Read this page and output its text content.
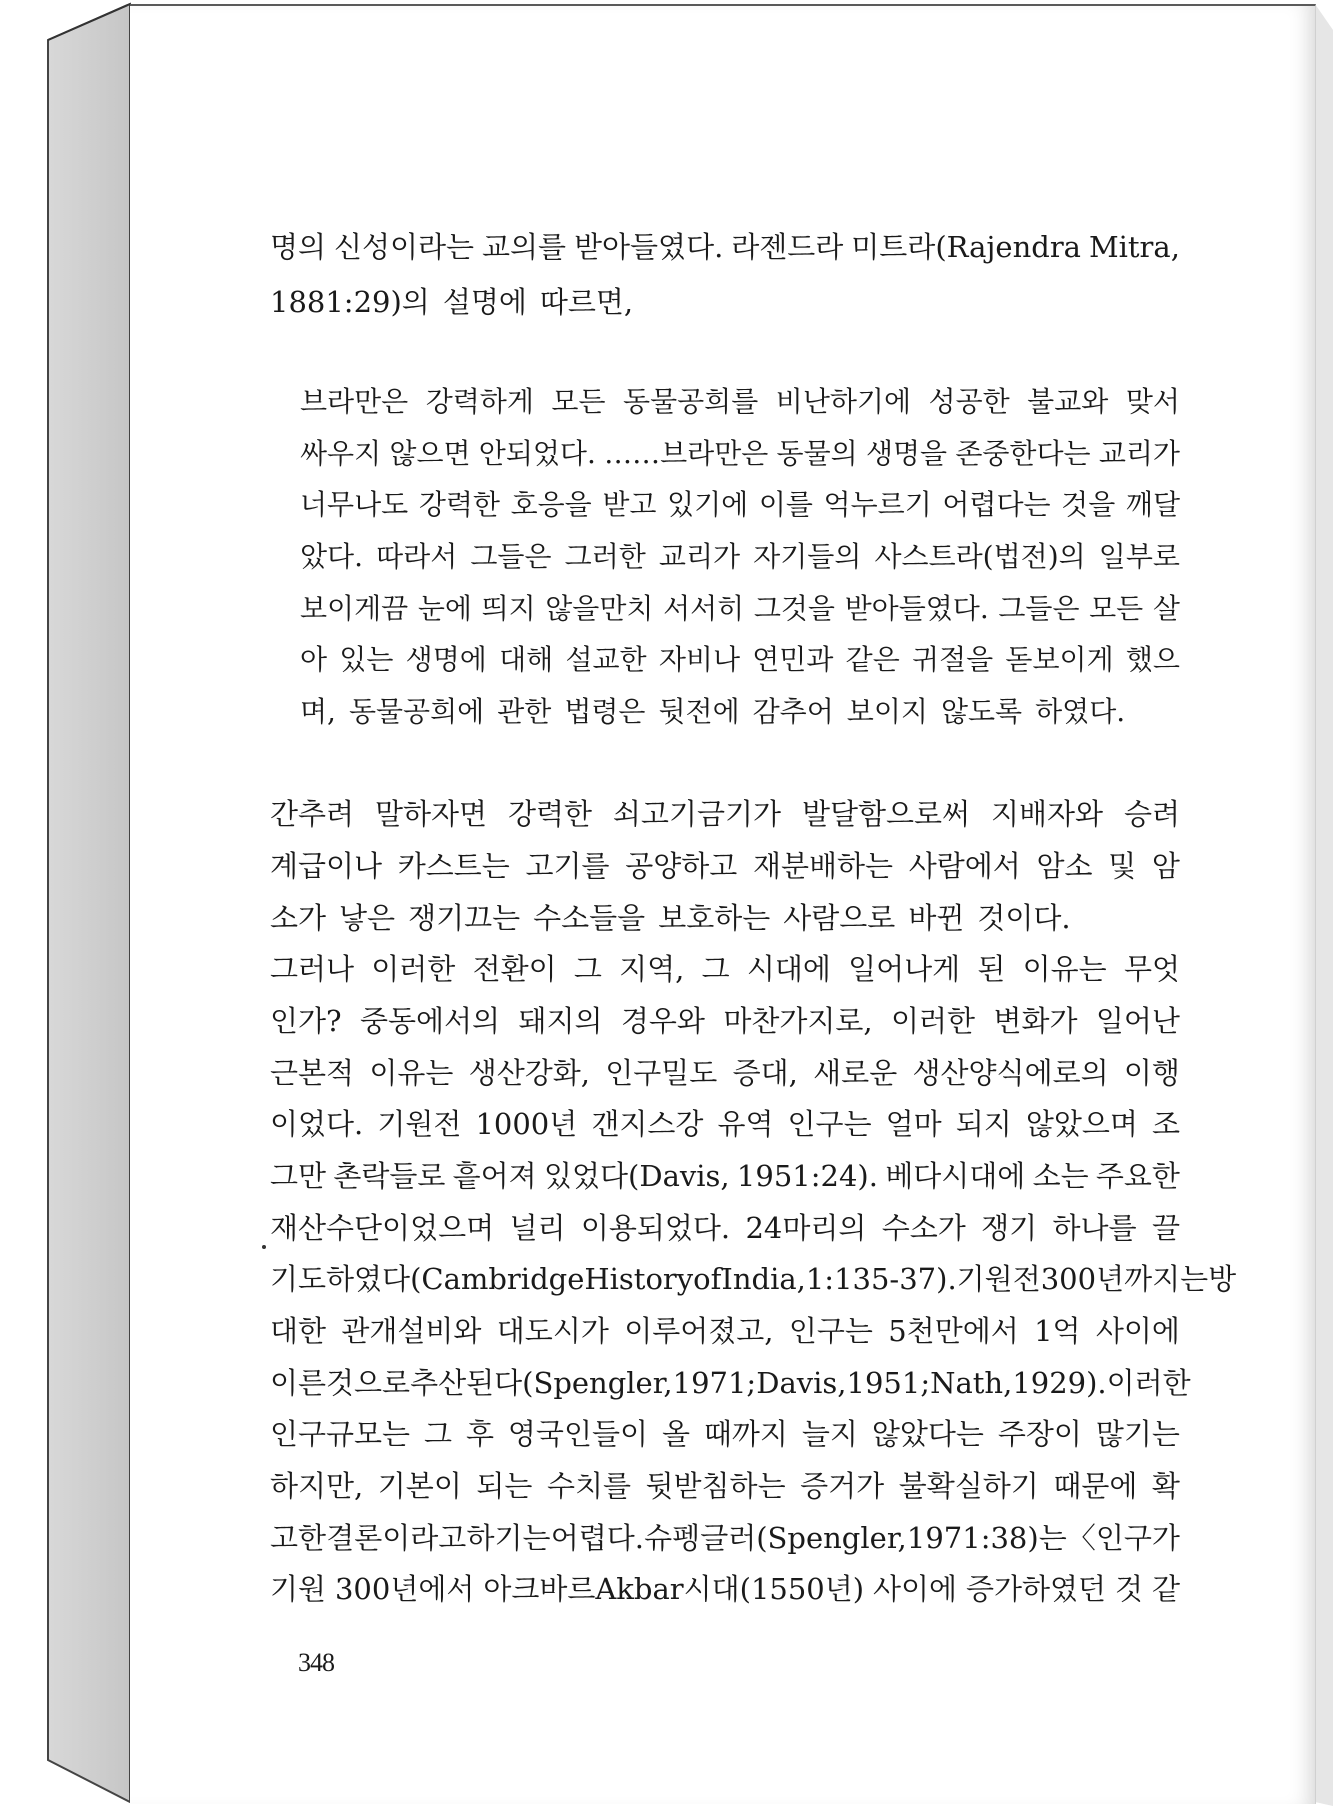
명의 신성이라는 교의를 받아들였다. 라젠드라 미트라(Rajendra Mitra,
1881:29)의 설명에 따르면,
브라만은 강력하게 모든 동물공희를 비난하기에 성공한 불교와 맞서
싸우지 않으면 안되었다. ……브라만은 동물의 생명을 존중한다는 교리가
너무나도 강력한 호응을 받고 있기에 이를 억누르기 어렵다는 것을 깨달
았다. 따라서 그들은 그러한 교리가 자기들의 사스트라(법전)의 일부로
보이게끔 눈에 띄지 않을만치 서서히 그것을 받아들였다. 그들은 모든 살
아 있는 생명에 대해 설교한 자비나 연민과 같은 귀절을 돋보이게 했으
며, 동물공희에 관한 법령은 뒷전에 감추어 보이지 않도록 하였다.
간추려 말하자면 강력한 쇠고기금기가 발달함으로써 지배자와 승려
계급이나 카스트는 고기를 공양하고 재분배하는 사람에서 암소 및 암
소가 낳은 쟁기끄는 수소들을 보호하는 사람으로 바뀐 것이다.
그러나 이러한 전환이 그 지역, 그 시대에 일어나게 된 이유는 무엇
인가? 중동에서의 돼지의 경우와 마찬가지로, 이러한 변화가 일어난
근본적 이유는 생산강화, 인구밀도 증대, 새로운 생산양식에로의 이행
이었다. 기원전 1000년 갠지스강 유역 인구는 얼마 되지 않았으며 조
그만 촌락들로 흩어져 있었다(Davis, 1951:24). 베다시대에 소는 주요한
재산수단이었으며 널리 이용되었다. 24마리의 수소가 쟁기 하나를 끌
기도 하였다(Cambridge History of India, 1:135-37). 기원전 300년까지는 방
대한 관개설비와 대도시가 이루어졌고, 인구는 5천만에서 1억 사이에
이른 것으로 추산된다(Spengler, 1971; Davis, 1951; Nath, 1929). 이러한
인구규모는 그 후 영국인들이 올 때까지 늘지 않았다는 주장이 많기는
하지만, 기본이 되는 수치를 뒷받침하는 증거가 불확실하기 때문에 확
고한 결론이라고 하기는 어렵다. 슈펭글러(Spengler, 1971:38)는 〈인구가
기원 300년에서 아크바르Akbar시대(1550년) 사이에 증가하였던 것 같
348
